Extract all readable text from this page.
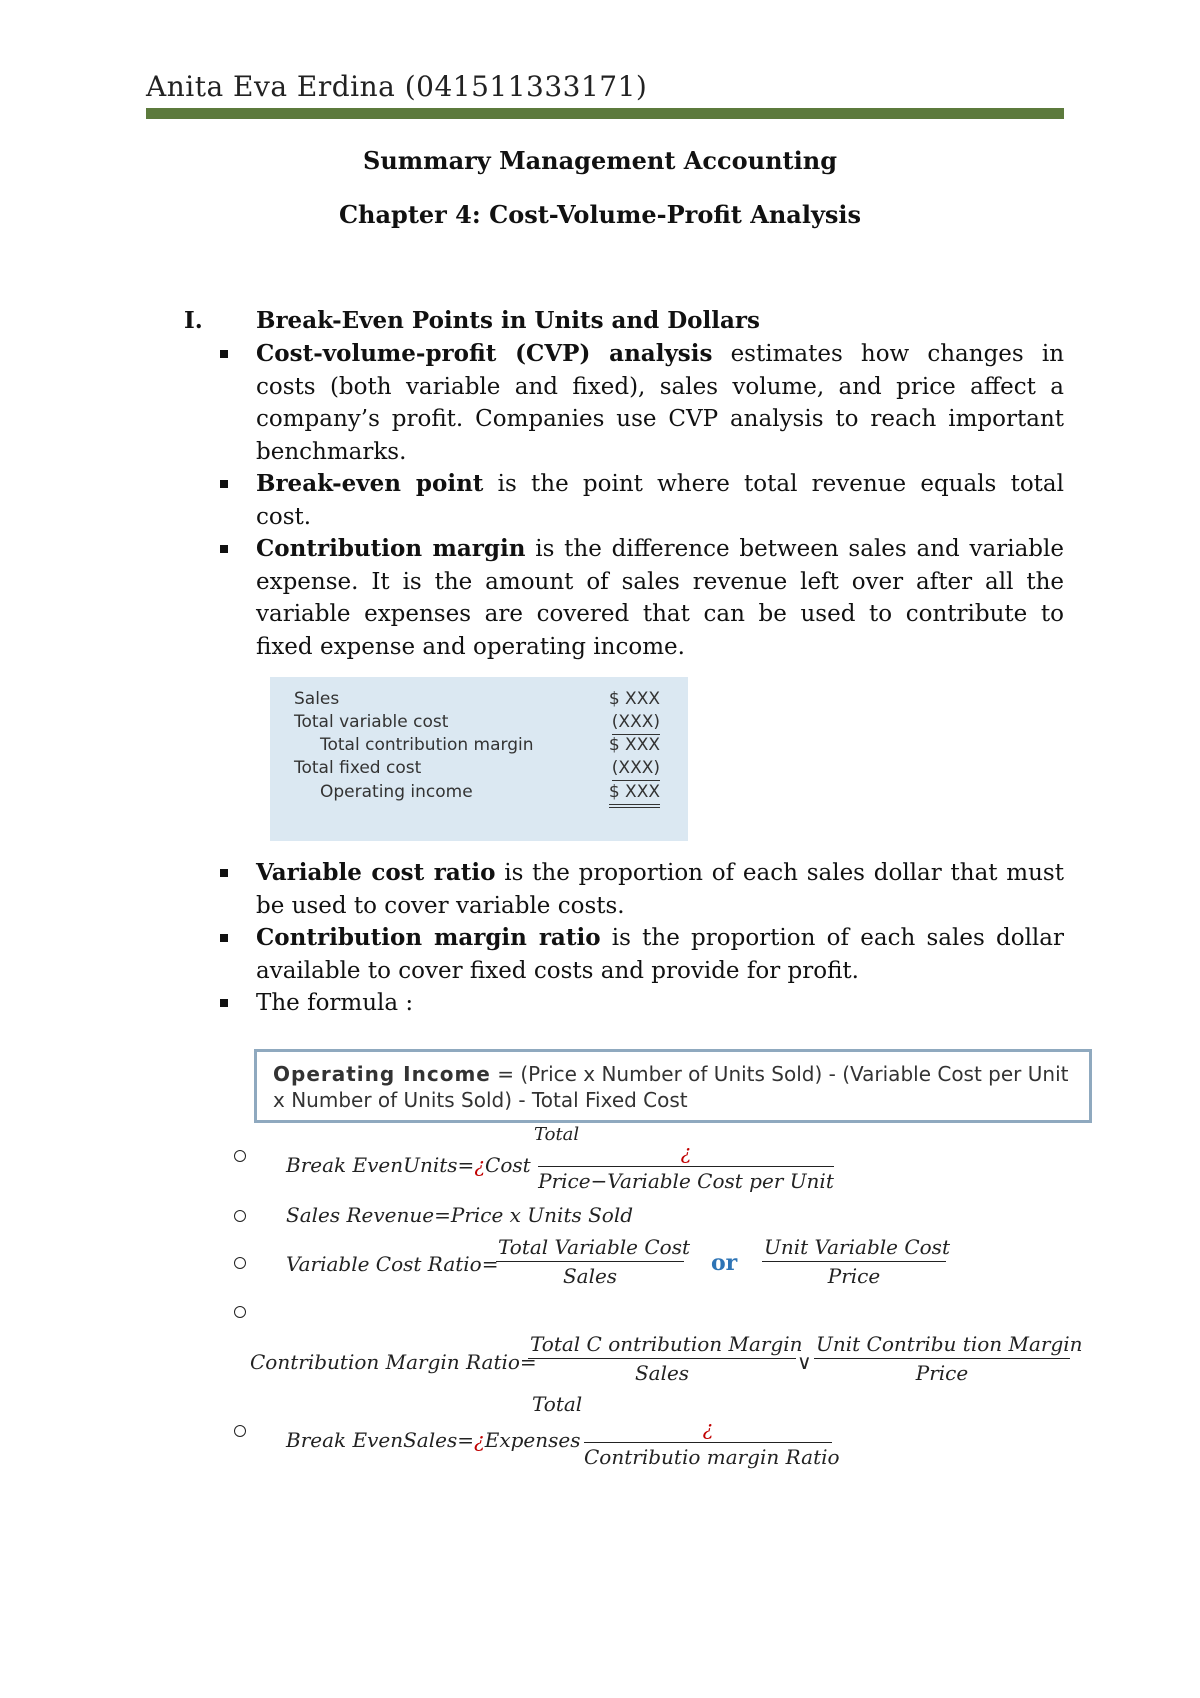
Anita Eva Erdina (041511333171)
Summary Management Accounting
Chapter 4: Cost-Volume-Profit Analysis
I. Break-Even Points in Units and Dollars

Cost-volume-profit (CVP) analysis estimates how changes in costs (both variable and fixed), sales volume, and price affect a company’s profit. Companies use CVP analysis to reach important benchmarks.

Break-even point is the point where total revenue equals total cost.

Contribution margin is the difference between sales and variable expense. It is the amount of sales revenue left over after all the variable expenses are covered that can be used to contribute to fixed expense and operating income.

Sales	$ XXX
Total variable cost	(XXX)
Total contribution margin	$ XXX
Total fixed cost	(XXX)
Operating income	$ XXX

Variable cost ratio is the proportion of each sales dollar that must be used to cover variable costs.

Contribution margin ratio is the proportion of each sales dollar available to cover fixed costs and provide for profit.

The formula :

Operating Income = (Price x Number of Units Sold) - (Variable Cost per Unit x Number of Units Sold) - Total Fixed Cost
Break EvenUnits=¿Cost
Total
¿
Price−Variable Cost per Unit
Sales Revenue=Price x Units Sold
Variable Cost Ratio=
Total Variable Cost
Sales	or
Unit Variable Cost
Price
Contribution Margin Ratio=
Total C ontribution Margin
Sales	∨
Unit Contribu tion Margin
Price
Break EvenSales=¿Expenses
Total
¿
Contributio margin Ratio
